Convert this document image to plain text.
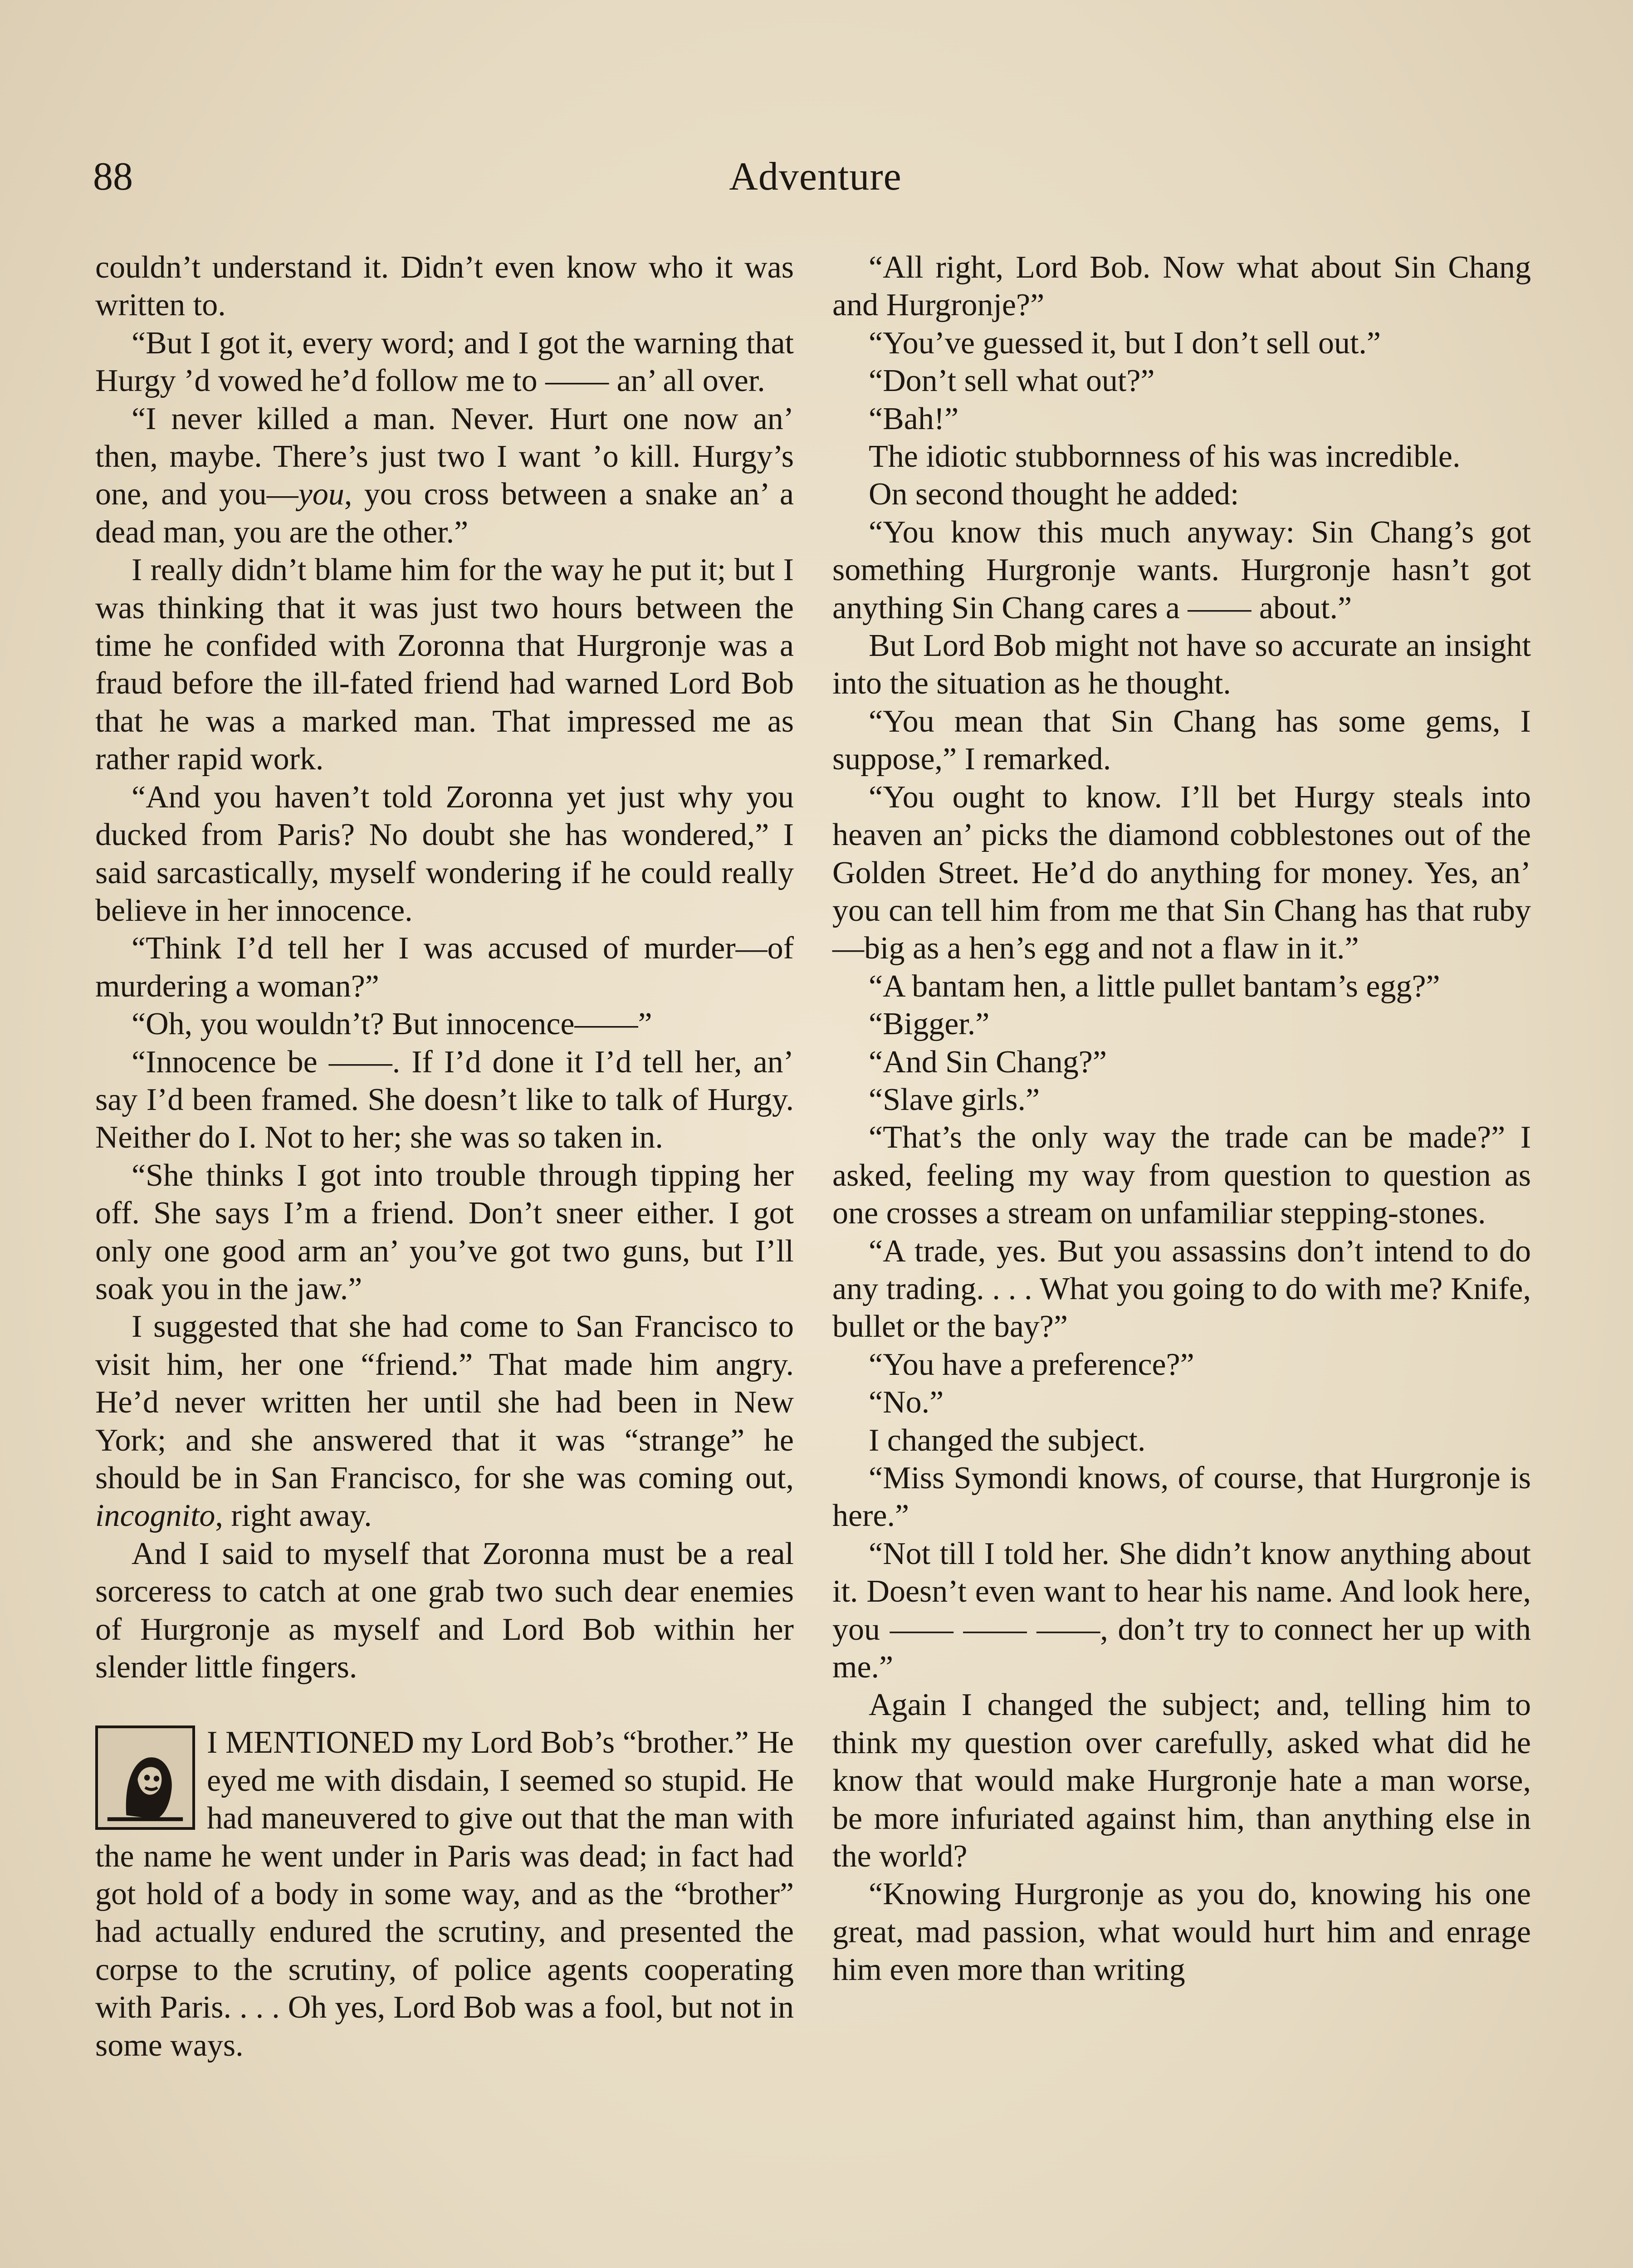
88	Adventure

couldn’t understand it. Didn’t even know who it was written to.

“But I got it, every word; and I got the warning that Hurgy ’d vowed he’d follow me to —— an’ all over.

“I never killed a man. Never. Hurt one now an’ then, maybe. There’s just two I want ’o kill. Hurgy’s one, and you—you, you cross between a snake an’ a dead man, you are the other.”

I really didn’t blame him for the way he put it; but I was thinking that it was just two hours between the time he confided with Zoronna that Hurgronje was a fraud before the ill-fated friend had warned Lord Bob that he was a marked man. That impressed me as rather rapid work.

“And you haven’t told Zoronna yet just why you ducked from Paris? No doubt she has wondered,” I said sarcastically, myself wondering if he could really believe in her innocence.

“Think I’d tell her I was accused of murder—of murdering a woman?”

“Oh, you wouldn’t? But innocence——”

“Innocence be ——. If I’d done it I’d tell her, an’ say I’d been framed. She doesn’t like to talk of Hurgy. Neither do I. Not to her; she was so taken in.

“She thinks I got into trouble through tipping her off. She says I’m a friend. Don’t sneer either. I got only one good arm an’ you’ve got two guns, but I’ll soak you in the jaw.”

I suggested that she had come to San Francisco to visit him, her one “friend.” That made him angry. He’d never written her until she had been in New York; and she answered that it was “strange” he should be in San Francisco, for she was coming out, incognito, right away.

And I said to myself that Zoronna must be a real sorceress to catch at one grab two such dear enemies of Hurgronje as myself and Lord Bob within her slender little fingers.

I MENTIONED my Lord Bob’s “brother.” He eyed me with disdain, I seemed so stupid. He had maneuvered to give out that the man with the name he went under in Paris was dead; in fact had got hold of a body in some way, and as the “brother” had actually endured the scrutiny, and presented the corpse to the scrutiny, of police agents cooperating with Paris. . . . Oh yes, Lord Bob was a fool, but not in some ways.

“All right, Lord Bob. Now what about Sin Chang and Hurgronje?”

“You’ve guessed it, but I don’t sell out.”

“Don’t sell what out?”

“Bah!”

The idiotic stubbornness of his was incredible.

On second thought he added:

“You know this much anyway: Sin Chang’s got something Hurgronje wants. Hurgronje hasn’t got anything Sin Chang cares a —— about.”

But Lord Bob might not have so accurate an insight into the situation as he thought.

“You mean that Sin Chang has some gems, I suppose,” I remarked.

“You ought to know. I’ll bet Hurgy steals into heaven an’ picks the diamond cobblestones out of the Golden Street. He’d do anything for money. Yes, an’ you can tell him from me that Sin Chang has that ruby—big as a hen’s egg and not a flaw in it.”

“A bantam hen, a little pullet bantam’s egg?”

“Bigger.”

“And Sin Chang?”

“Slave girls.”

“That’s the only way the trade can be made?” I asked, feeling my way from question to question as one crosses a stream on unfamiliar stepping-stones.

“A trade, yes. But you assassins don’t intend to do any trading. . . . What you going to do with me? Knife, bullet or the bay?”

“You have a preference?”

“No.”

I changed the subject.

“Miss Symondi knows, of course, that Hurgronje is here.”

“Not till I told her. She didn’t know anything about it. Doesn’t even want to hear his name. And look here, you —— —— ——, don’t try to connect her up with me.”

Again I changed the subject; and, telling him to think my question over carefully, asked what did he know that would make Hurgronje hate a man worse, be more infuriated against him, than anything else in the world?

“Knowing Hurgronje as you do, knowing his one great, mad passion, what would hurt him and enrage him even more than writing
